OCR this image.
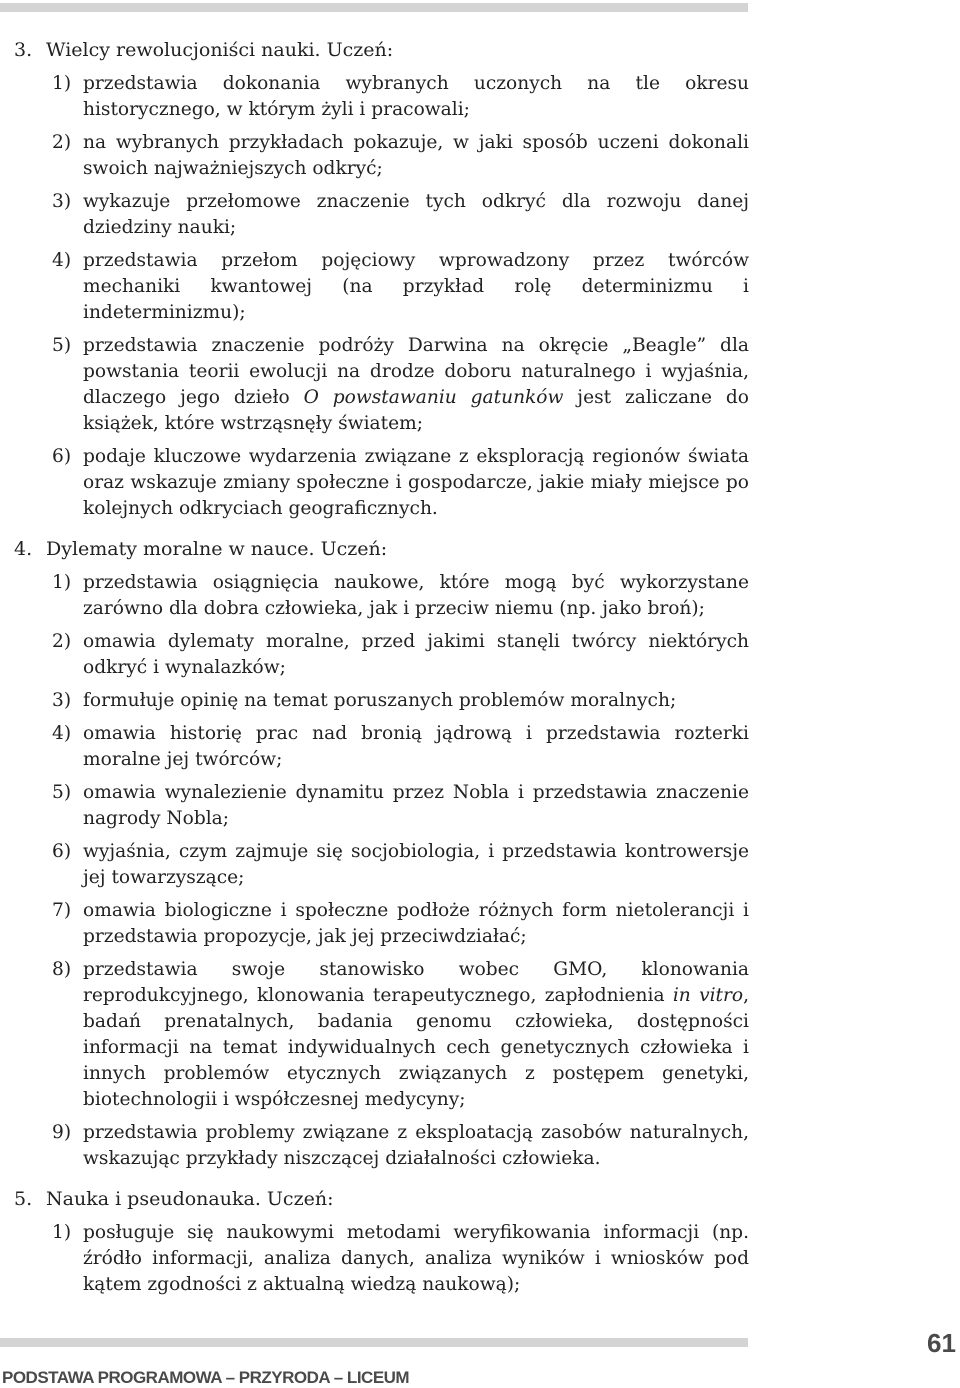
3. Wielcy rewolucjoniści nauki. Uczeń:
1) przedstawia dokonania wybranych uczonych na tle okresu historycznego, w którym żyli i pracowali;
2) na wybranych przykładach pokazuje, w jaki sposób uczeni dokonali swoich najważniejszych odkryć;
3) wykazuje przełomowe znaczenie tych odkryć dla rozwoju danej dziedziny nauki;
4) przedstawia przełom pojęciowy wprowadzony przez twórców mechaniki kwantowej (na przykład rolę determinizmu i indeterminizmu);
5) przedstawia znaczenie podróży Darwina na okręcie „Beagle” dla powstania teorii ewolucji na drodze doboru naturalnego i wyjaśnia, dlaczego jego dzieło O powstawaniu gatunków jest zaliczane do książek, które wstrząsnęły światem;
6) podaje kluczowe wydarzenia związane z eksploracją regionów świata oraz wskazuje zmiany społeczne i gospodarcze, jakie miały miejsce po kolejnych odkryciach geograficznych.
4. Dylematy moralne w nauce. Uczeń:
1) przedstawia osiągnięcia naukowe, które mogą być wykorzystane zarówno dla dobra człowieka, jak i przeciw niemu (np. jako broń);
2) omawia dylematy moralne, przed jakimi stanęli twórcy niektórych odkryć i wynalazków;
3) formułuje opinię na temat poruszanych problemów moralnych;
4) omawia historię prac nad bronią jądrową i przedstawia rozterki moralne jej twórców;
5) omawia wynalezienie dynamitu przez Nobla i przedstawia znaczenie nagrody Nobla;
6) wyjaśnia, czym zajmuje się socjobiologia, i przedstawia kontrowersje jej towarzyszące;
7) omawia biologiczne i społeczne podłoże różnych form nietolerancji i przedstawia propozycje, jak jej przeciwdziałać;
8) przedstawia swoje stanowisko wobec GMO, klonowania reprodukcyjnego, klonowania terapeutycznego, zapłodnienia in vitro, badań prenatalnych, badania genomu człowieka, dostępności informacji na temat indywidualnych cech genetycznych człowieka i innych problemów etycznych związanych z postępem genetyki, biotechnologii i współczesnej medycyny;
9) przedstawia problemy związane z eksploatacją zasobów naturalnych, wskazując przykłady niszczącej działalności człowieka.
5. Nauka i pseudonauka. Uczeń:
1) posługuje się naukowymi metodami weryfikowania informacji (np. źródło informacji, analiza danych, analiza wyników i wniosków pod kątem zgodności z aktualną wiedzą naukową);
PODSTAWA PROGRAMOWA – PRZYRODA – LICEUM
61
